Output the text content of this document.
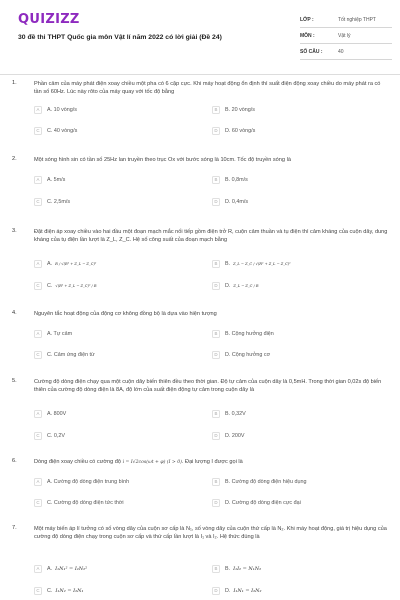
QUIZIZZ
30 đề thi THPT Quốc gia môn Vật lí năm 2022 có lời giải (Đề 24)
LỚP :	Tốt nghiệp THPT
MÔN :	Vật lý
SỐ CÂU :	40
1.	Phần cảm của máy phát điện xoay chiều một pha có 6 cặp cực. Khi máy hoạt động ổn định thì suất điện động xoay chiều do máy phát ra có tần số 60Hz. Lúc này rôto của máy quay với tốc độ bằng
A	A. 10 vòng/s	B	B. 20 vòng/s
C	C. 40 vòng/s	D	D. 60 vòng/s
2.	Một sóng hình sin có tần số 25Hz lan truyền theo trục Ox với bước sóng là 10cm. Tốc độ truyền sóng là
A	A. 5m/s	B	B. 0,8m/s
C	C. 2,5m/s	D	D. 0,4m/s
3.	Đặt điện áp xoay chiều vào hai đầu một đoạn mạch mắc nối tiếp gồm điện trở R, cuộn cảm thuần và tụ điện thì cảm kháng của cuộn dây, dung kháng của tụ điện lần lượt là Z_L, Z_C. Hệ số công suất của đoạn mạch bằng
A	A. R / √(R² + Z_L − Z_C)²	B	B. Z_L − Z_C / √(R² + Z_L − Z_C)²
C	C. √(R² + Z_L − Z_C)² / R	D	D. Z_L − Z_C / R
4.	Nguyên tắc hoạt động của động cơ không đồng bộ là dựa vào hiện tượng
A	A. Tự cảm	B	B. Cộng hưởng điện
C	C. Cảm ứng điện từ	D	D. Cộng hưởng cơ
5.	Cường độ dòng điện chạy qua một cuộn dây biến thiên đều theo thời gian. Độ tự cảm của cuộn dây là 0,5mH. Trong thời gian 0,02s độ biến thiên của cường độ dòng điện là 8A, độ lớn của suất điện động tự cảm trong cuộn dây là
A	A. 800V	B	B. 0,32V
C	C. 0,2V	D	D. 200V
6.	Dòng điện xoay chiều có cường độ i = I√2cos(ωt + φ) (I > 0). Đại lượng I được gọi là
A	A. Cường độ dòng điện trung bình	B	B. Cường độ dòng điện hiệu dụng
C	C. Cường độ dòng điện tức thời	D	D. Cường độ dòng điện cực đại
7.	Một máy biến áp lí tưởng có số vòng dây của cuộn sơ cấp là N₁, số vòng dây của cuộn thứ cấp là N₂. Khi máy hoạt động, giá trị hiệu dụng của cường độ dòng điện chạy trong cuộn sơ cấp và thứ cấp lần lượt là I₁ và I₂. Hệ thức đúng là
A	A. I₁N₁² = I₂N₂²	B	B. I₁I₂ = N₁N₂
C	C. I₁N₂ = I₂N₁	D	D. I₁N₁ = I₂N₂
